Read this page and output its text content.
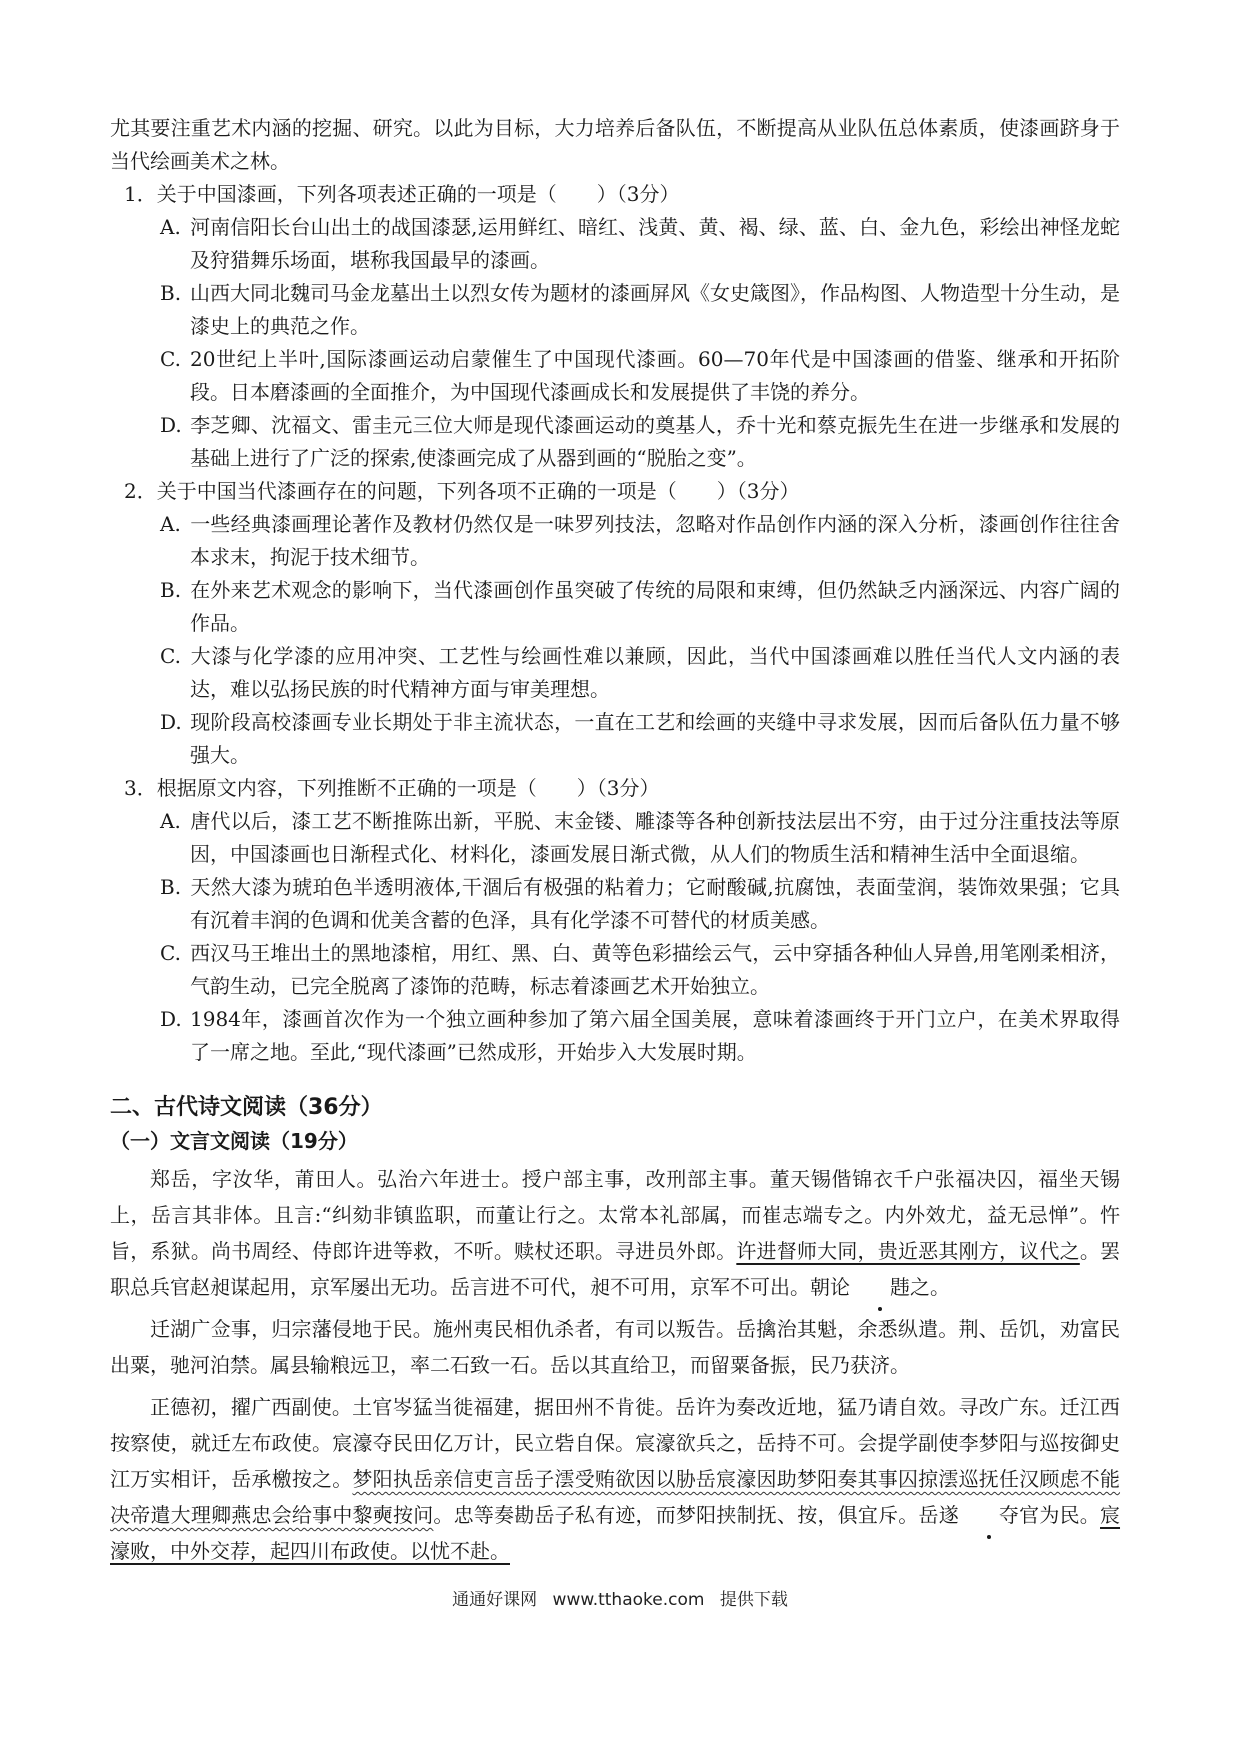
尤其要注重艺术内涵的挖掘、研究。以此为目标，大力培养后备队伍，不断提高从业队伍总体素质，使漆画跻身于当代绘画美术之林。

1．关于中国漆画，下列各项表述正确的一项是（　　）（3分）

A. 河南信阳长台山出土的战国漆瑟,运用鲜红、暗红、浅黄、黄、褐、绿、蓝、白、金九色，彩绘出神怪龙蛇及狩猎舞乐场面，堪称我国最早的漆画。

B. 山西大同北魏司马金龙墓出土以烈女传为题材的漆画屏风《女史箴图》，作品构图、人物造型十分生动，是漆史上的典范之作。

C. 20世纪上半叶,国际漆画运动启蒙催生了中国现代漆画。60—70年代是中国漆画的借鉴、继承和开拓阶段。日本磨漆画的全面推介，为中国现代漆画成长和发展提供了丰饶的养分。

D. 李芝卿、沈福文、雷圭元三位大师是现代漆画运动的奠基人，乔十光和蔡克振先生在进一步继承和发展的基础上进行了广泛的探索,使漆画完成了从器到画的“脱胎之变”。

2．关于中国当代漆画存在的问题，下列各项不正确的一项是（　　）（3分）

A. 一些经典漆画理论著作及教材仍然仅是一味罗列技法，忽略对作品创作内涵的深入分析，漆画创作往往舍本求末，拘泥于技术细节。

B. 在外来艺术观念的影响下，当代漆画创作虽突破了传统的局限和束缚，但仍然缺乏内涵深远、内容广阔的作品。

C. 大漆与化学漆的应用冲突、工艺性与绘画性难以兼顾，因此，当代中国漆画难以胜任当代人文内涵的表达，难以弘扬民族的时代精神方面与审美理想。

D. 现阶段高校漆画专业长期处于非主流状态，一直在工艺和绘画的夹缝中寻求发展，因而后备队伍力量不够强大。

3．根据原文内容，下列推断不正确的一项是（　　）（3分）

A. 唐代以后，漆工艺不断推陈出新，平脱、末金镂、雕漆等各种创新技法层出不穷，由于过分注重技法等原因，中国漆画也日渐程式化、材料化，漆画发展日渐式微，从人们的物质生活和精神生活中全面退缩。

B. 天然大漆为琥珀色半透明液体,干涸后有极强的粘着力；它耐酸碱,抗腐蚀，表面莹润，装饰效果强；它具有沉着丰润的色调和优美含蓄的色泽，具有化学漆不可替代的材质美感。

C. 西汉马王堆出土的黑地漆棺，用红、黑、白、黄等色彩描绘云气，云中穿插各种仙人异兽,用笔刚柔相济，气韵生动，已完全脱离了漆饰的范畴，标志着漆画艺术开始独立。

D. 1984年，漆画首次作为一个独立画种参加了第六届全国美展，意味着漆画终于开门立户，在美术界取得了一席之地。至此,“现代漆画”已然成形，开始步入大发展时期。

二、古代诗文阅读（36分）

（一）文言文阅读（19分）

郑岳，字汝华，莆田人。弘治六年进士。授户部主事，改刑部主事。董天锡偕锦衣千户张福决囚，福坐天锡上，岳言其非体。且言:“纠劾非镇监职，而董让行之。太常本礼部属，而崔志端专之。内外效尤，益无忌惮”。忤旨，系狱。尚书周经、侍郎许进等救，不听。赎杖还职。寻进员外郎。许进督师大同，贵近恶其刚方，议代之。罢职总兵官赵昶谋起用，京军屡出无功。岳言进不可代，昶不可用，京军不可出。朝论 韪之。

迁湖广佥事，归宗藩侵地于民。施州夷民相仇杀者，有司以叛告。岳擒治其魁，余悉纵遣。荆、岳饥，劝富民出粟，驰河泊禁。属县输粮远卫，率二石致一石。岳以其直给卫，而留粟备振，民乃获济。

正德初，擢广西副使。土官岑猛当徙福建，据田州不肯徙。岳许为奏改近地，猛乃请自效。寻改广东。迁江西按察使，就迁左布政使。宸濠夺民田亿万计，民立砦自保。宸濠欲兵之，岳持不可。会提学副使李梦阳与巡按御史江万实相讦，岳承檄按之。梦阳执岳亲信吏言岳子澐受贿欲因以胁岳宸濠因助梦阳奏其事囚掠澐巡抚任汉顾虑不能决帝遣大理卿燕忠会给事中黎奭按问。忠等奏勘岳子私有迹，而梦阳挟制抚、按，俱宜斥。岳遂 夺官为民。宸濠败，中外交荐，起四川布政使。以忧不赴。

通通好课网 www.tthaoke.com 提供下载
